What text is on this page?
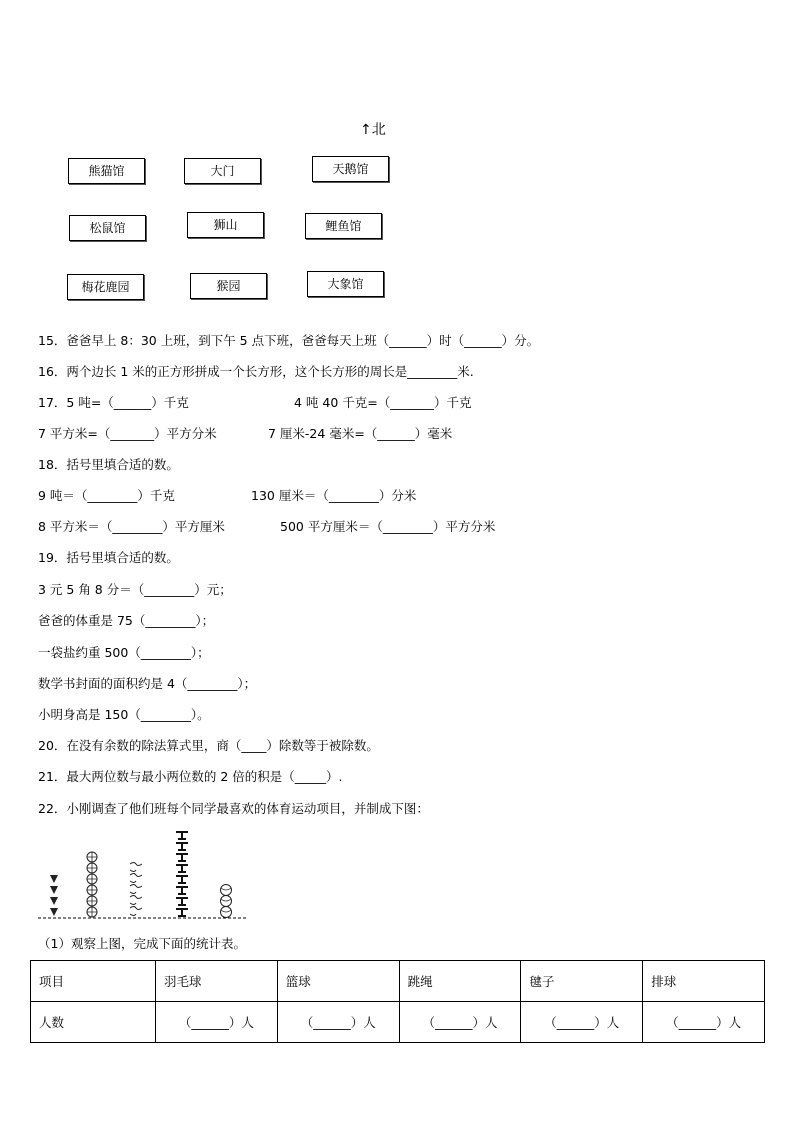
↑北
熊猫馆	大门	天鹅馆
松鼠馆	狮山	鲤鱼馆
梅花鹿园	猴园	大象馆
15．爸爸早上 8：30 上班，到下午 5 点下班，爸爸每天上班（______）时（______）分。
16．两个边长 1 米的正方形拼成一个长方形，这个长方形的周长是________米.
17．5 吨=（______）千克	4 吨 40 千克=（_______）千克
7 平方米=（_______）平方分米	7 厘米-24 毫米=（______）毫米
18．括号里填合适的数。
9 吨＝（________）千克	130 厘米＝（________）分米
8 平方米＝（________）平方厘米	500 平方厘米＝（________）平方分米
19．括号里填合适的数。
3 元 5 角 8 分＝（________）元；
爸爸的体重是 75（________）；
一袋盐约重 500（________）；
数学书封面的面积约是 4（________）；
小明身高是 150（________）。
20．在没有余数的除法算式里，商（____）除数等于被除数。
21．最大两位数与最小两位数的 2 倍的积是（_____）.
22．小刚调查了他们班每个同学最喜欢的体育运动项目，并制成下图：
（1）观察上图，完成下面的统计表。
项目	羽毛球	篮球	跳绳	毽子	排球
人数	（______）人	（______）人	（______）人	（______）人	（______）人
